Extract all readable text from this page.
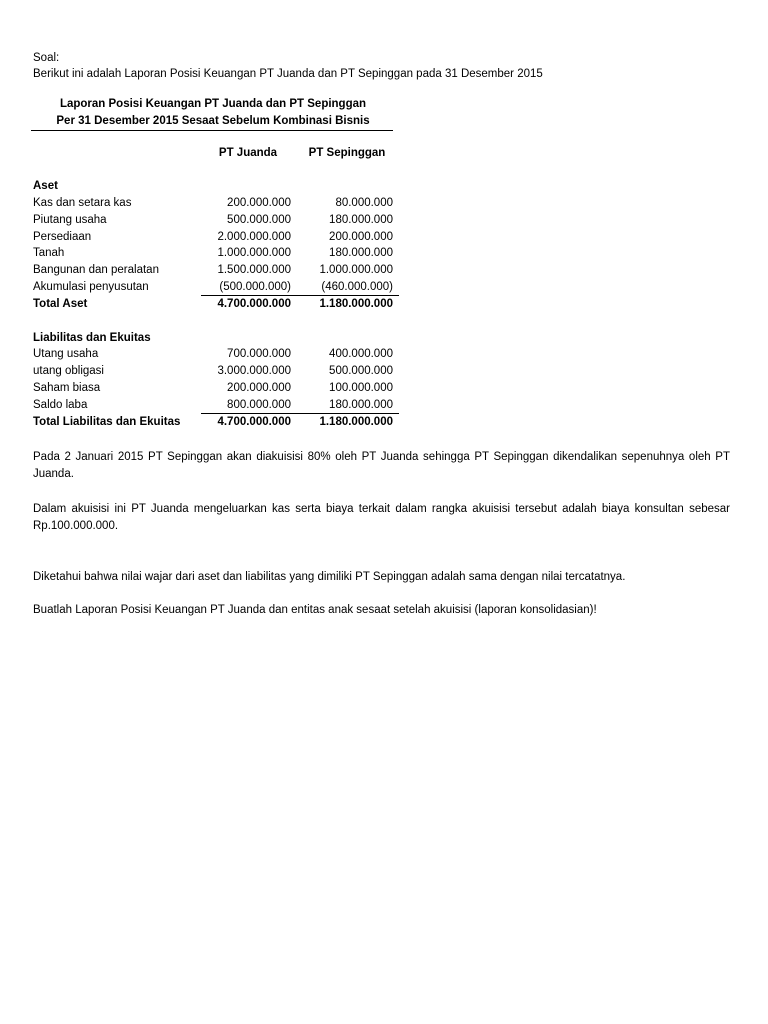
Soal:
Berikut ini adalah Laporan Posisi Keuangan PT Juanda dan PT Sepinggan pada 31 Desember 2015
Laporan Posisi Keuangan PT Juanda dan PT Sepinggan
Per 31 Desember 2015 Sesaat Sebelum Kombinasi Bisnis
	PT Juanda	PT Sepinggan

Aset		
Kas dan setara kas	200.000.000	80.000.000
Piutang usaha	500.000.000	180.000.000
Persediaan	2.000.000.000	200.000.000
Tanah	1.000.000.000	180.000.000
Bangunan dan peralatan	1.500.000.000	1.000.000.000
Akumulasi penyusutan	(500.000.000)	(460.000.000)
Total Aset	4.700.000.000	1.180.000.000

Liabilitas dan Ekuitas		
Utang usaha	700.000.000	400.000.000
utang obligasi	3.000.000.000	500.000.000
Saham biasa	200.000.000	100.000.000
Saldo laba	800.000.000	180.000.000
Total Liabilitas dan Ekuitas	4.700.000.000	1.180.000.000

Pada 2 Januari 2015 PT Sepinggan akan diakuisisi 80% oleh PT Juanda sehingga PT Sepinggan dikendalikan sepenuhnya oleh PT Juanda.

Dalam akuisisi ini PT Juanda mengeluarkan kas serta biaya terkait dalam rangka akuisisi tersebut adalah biaya konsultan sebesar Rp.100.000.000.

Diketahui bahwa nilai wajar dari aset dan liabilitas yang dimiliki PT Sepinggan adalah sama dengan nilai tercatatnya.

Buatlah Laporan Posisi Keuangan PT Juanda dan entitas anak sesaat setelah akuisisi (laporan konsolidasian)!
